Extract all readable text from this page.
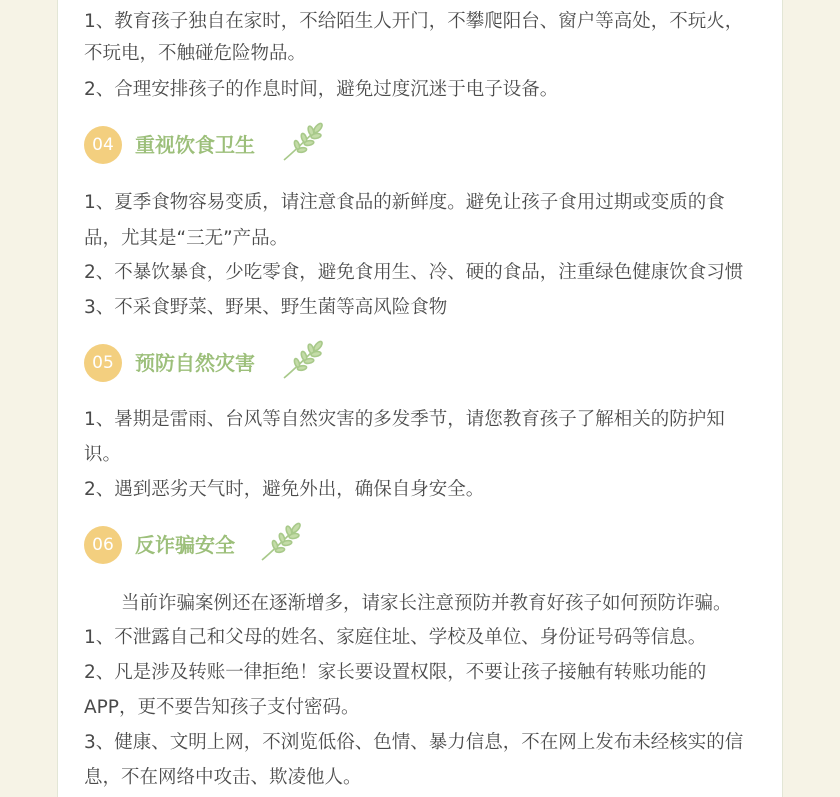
1、教育孩子独自在家时，不给陌生人开门，不攀爬阳台、窗户等高处，不玩火，
不玩电，不触碰危险物品。
2、合理安排孩子的作息时间，避免过度沉迷于电子设备。
04	重视饮食卫生
1、夏季食物容易变质，请注意食品的新鲜度。避免让孩子食用过期或变质的食
品，尤其是“三无”产品。
2、不暴饮暴食，少吃零食，避免食用生、冷、硬的食品，注重绿色健康饮食习惯
3、不采食野菜、野果、野生菌等高风险食物
05	预防自然灾害
1、暑期是雷雨、台风等自然灾害的多发季节，请您教育孩子了解相关的防护知
识。
2、遇到恶劣天气时，避免外出，确保自身安全。
06	反诈骗安全
当前诈骗案例还在逐渐增多，请家长注意预防并教育好孩子如何预防诈骗。
1、不泄露自己和父母的姓名、家庭住址、学校及单位、身份证号码等信息。
2、凡是涉及转账一律拒绝！家长要设置权限，不要让孩子接触有转账功能的
APP，更不要告知孩子支付密码。
3、健康、文明上网，不浏览低俗、色情、暴力信息，不在网上发布未经核实的信
息，不在网络中攻击、欺凌他人。
